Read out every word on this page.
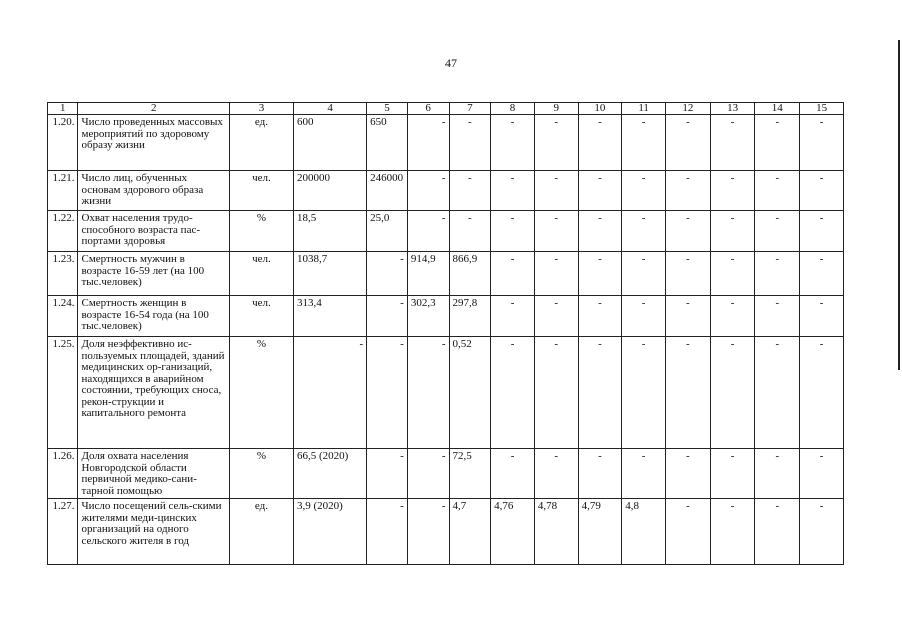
47
1	2	3	4	5	6	7	8	9	10	11	12	13	14	15
1.20.	Число проведенных массовых мероприятий по здоровому образу жизни	ед.	600	650	-	-	-	-	-	-	-	-	-	-
1.21.	Число лиц, обученных основам здорового образа жизни	чел.	200000	246000	-	-	-	-	-	-	-	-	-	-
1.22.	Охват населения трудо-способного возраста пас-портами здоровья	%	18,5	25,0	-	-	-	-	-	-	-	-	-	-
1.23.	Смертность мужчин в возрасте 16-59 лет (на 100 тыс.человек)	чел.	1038,7	-	914,9	866,9	-	-	-	-	-	-	-	-
1.24.	Смертность женщин в возрасте 16-54 года (на 100 тыс.человек)	чел.	313,4	-	302,3	297,8	-	-	-	-	-	-	-	-
1.25.	Доля неэффективно ис-пользуемых площадей, зданий медицинских ор-ганизаций, находящихся в аварийном состоянии, требующих сноса, рекон-струкции и капитального ремонта	%	-	-	-	0,52	-	-	-	-	-	-	-	-
1.26.	Доля охвата населения Новгородской области первичной медико-сани-тарной помощью	%	66,5 (2020)	-	-	72,5	-	-	-	-	-	-	-	-
1.27.	Число посещений сель-скими жителями меди-цинских организаций на одного сельского жителя в год	ед.	3,9 (2020)	-	-	4,7	4,76	4,78	4,79	4,8	-	-	-	-
